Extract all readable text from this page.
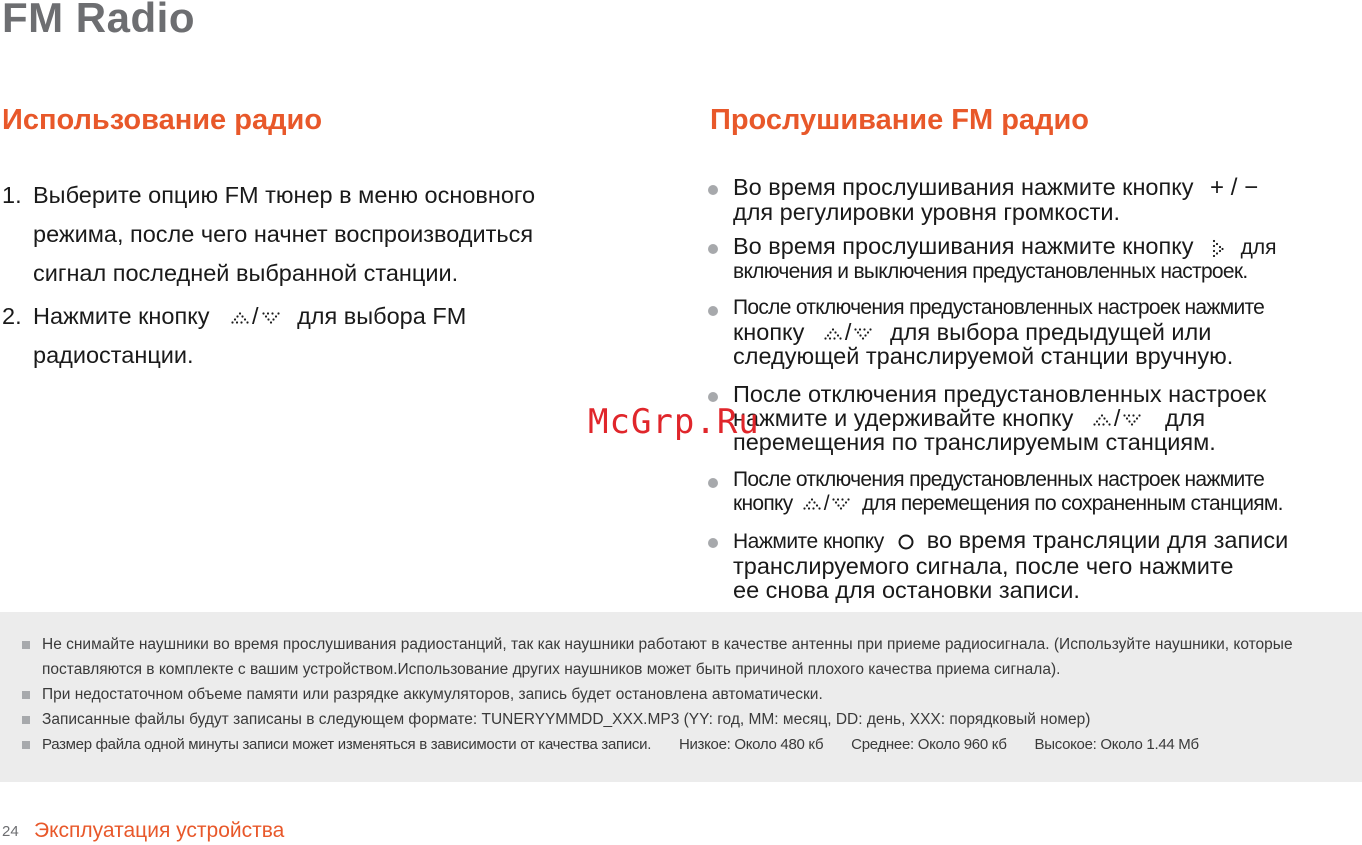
FM Radio
Использование радио	Прослушивание FM радио
1. Выберите опцию FM тюнер в меню основного
режима, после чего начнет воспроизводиться
сигнал последней выбранной станции.
2. Нажмите кнопку / для выбора FM
радиостанции.
Во время прослушивания нажмите кнопку + / −
для регулировки уровня громкости.
Во время прослушивания нажмите кнопку для
включения и выключения предустановленных настроек.
После отключения предустановленных настроек нажмите
кнопку / для выбора предыдущей или
следующей транслируемой станции вручную.
После отключения предустановленных настроек
нажмите и удерживайте кнопку / для
перемещения по транслируемым станциям.
После отключения предустановленных настроек нажмите
кнопку / для перемещения по сохраненным станциям.
Нажмите кнопку во время трансляции для записи
транслируемого сигнала, после чего нажмите
ее снова для остановки записи.
McGrp.Ru
Не снимайте наушники во время прослушивания радиостанций, так как наушники работают в качестве антенны при приеме радиосигнала. (Используйте наушники, которые поставляются в комплекте с вашим устройством.Использование других наушников может быть причиной плохого качества приема сигнала).
При недостаточном объеме памяти или разрядке аккумуляторов, запись будет остановлена автоматически.
Записанные файлы будут записаны в следующем формате: TUNERYYMMDD_XXX.MP3 (YY: год, MM: месяц, DD: день, XXX: порядковый номер)
Размер файла одной минуты записи может изменяться в зависимости от качества записи. Низкое: Около 480 кб Среднее: Около 960 кб Высокое: Около 1.44 Мб
24 Эксплуатация устройства
